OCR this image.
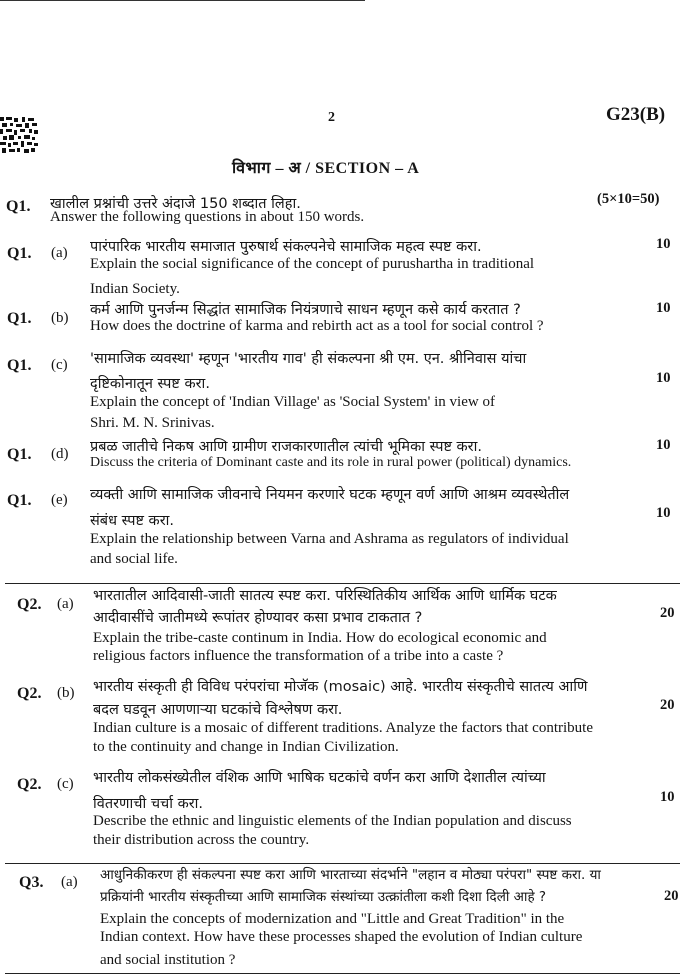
2	G23(B)
विभाग – अ / SECTION – A
Q1. खालील प्रश्नांची उत्तरे अंदाजे 150 शब्दात लिहा.
Answer the following questions in about 150 words.
(5×10=50)
Q1. (a) पारंपारिक भारतीय समाजात पुरुषार्थ संकल्पनेचे सामाजिक महत्व स्पष्ट करा.
Explain the social significance of the concept of purushartha in traditional
Indian Society.
10
Q1. (b) कर्म आणि पुनर्जन्म सिद्धांत सामाजिक नियंत्रणाचे साधन म्हणून कसे कार्य करतात ?
How does the doctrine of karma and rebirth act as a tool for social control ?
10
Q1. (c) 'सामाजिक व्यवस्था' म्हणून 'भारतीय गाव' ही संकल्पना श्री एम. एन. श्रीनिवास यांचा
दृष्टिकोनातून स्पष्ट करा.
Explain the concept of 'Indian Village' as 'Social System' in view of
Shri. M. N. Srinivas.
10
Q1. (d) प्रबळ जातीचे निकष आणि ग्रामीण राजकारणातील त्यांची भूमिका स्पष्ट करा.
Discuss the criteria of Dominant caste and its role in rural power (political) dynamics.
10
Q1. (e) व्यक्ती आणि सामाजिक जीवनाचे नियमन करणारे घटक म्हणून वर्ण आणि आश्रम व्यवस्थेतील
संबंध स्पष्ट करा.
Explain the relationship between Varna and Ashrama as regulators of individual
and social life.
10
Q2. (a) भारतातील आदिवासी-जाती सातत्य स्पष्ट करा. परिस्थितिकीय आर्थिक आणि धार्मिक घटक
आदीवासींचे जातीमध्ये रूपांतर होण्यावर कसा प्रभाव टाकतात ?
Explain the tribe-caste continum in India. How do ecological economic and
religious factors influence the transformation of a tribe into a caste ?
20
Q2. (b) भारतीय संस्कृती ही विविध परंपरांचा मोजॅक (mosaic) आहे. भारतीय संस्कृतीचे सातत्य आणि
बदल घडवून आणणाऱ्या घटकांचे विश्लेषण करा.
Indian culture is a mosaic of different traditions. Analyze the factors that contribute
to the continuity and change in Indian Civilization.
20
Q2. (c) भारतीय लोकसंख्येतील वंशिक आणि भाषिक घटकांचे वर्णन करा आणि देशातील त्यांच्या
वितरणाची चर्चा करा.
Describe the ethnic and linguistic elements of the Indian population and discuss
their distribution across the country.
10
Q3. (a) आधुनिकीकरण ही संकल्पना स्पष्ट करा आणि भारताच्या संदर्भाने "लहान व मोठ्या परंपरा" स्पष्ट करा. या
प्रक्रियांनी भारतीय संस्कृतीच्या आणि सामाजिक संस्थांच्या उत्क्रांतीला कशी दिशा दिली आहे ?
Explain the concepts of modernization and "Little and Great Tradition" in the
Indian context. How have these processes shaped the evolution of Indian culture
and social institution ?
20
